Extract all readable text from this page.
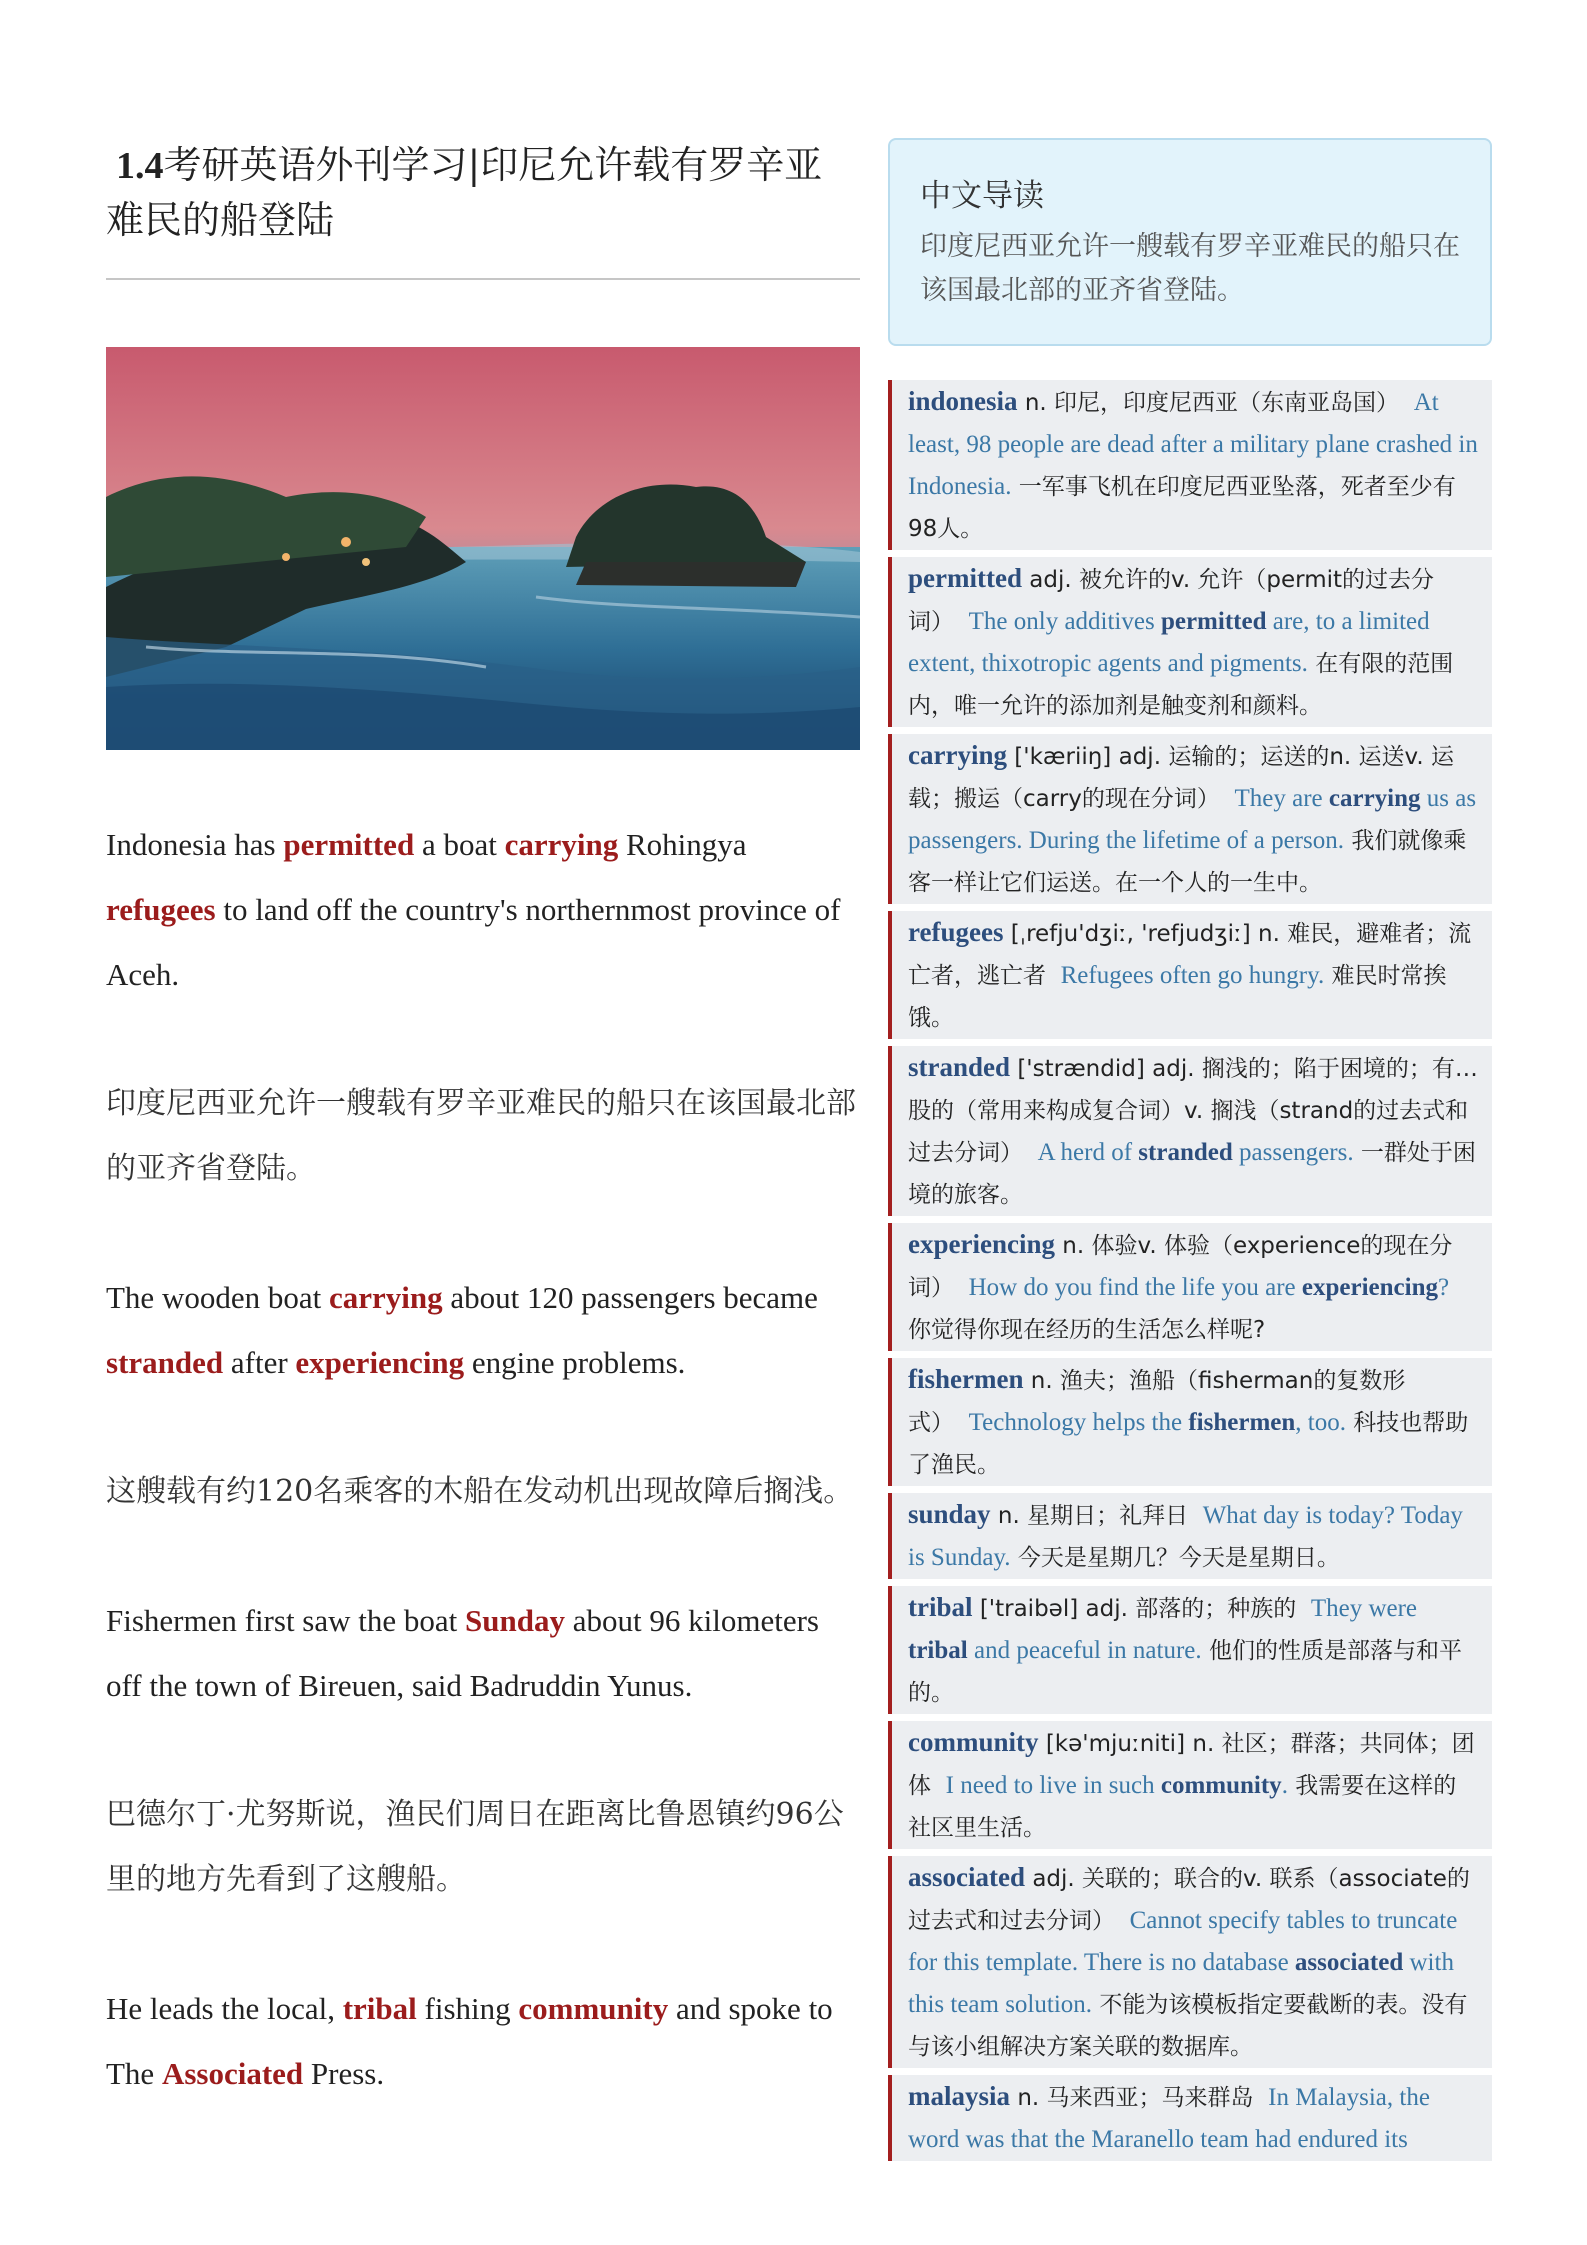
1.4考研英语外刊学习|印尼允许载有罗辛亚难民的船登陆

Indonesia has permitted a boat carrying Rohingya refugees to land off the country's northernmost province of Aceh.

印度尼西亚允许一艘载有罗辛亚难民的船只在该国最北部的亚齐省登陆。

The wooden boat carrying about 120 passengers became stranded after experiencing engine problems.

这艘载有约120名乘客的木船在发动机出现故障后搁浅。

Fishermen first saw the boat Sunday about 96 kilometers off the town of Bireuen, said Badruddin Yunus.

巴德尔丁·尤努斯说，渔民们周日在距离比鲁恩镇约96公里的地方先看到了这艘船。

He leads the local, tribal fishing community and spoke to The Associated Press.

中文导读

印度尼西亚允许一艘载有罗辛亚难民的船只在该国最北部的亚齐省登陆。

indonesia n. 印尼，印度尼西亚（东南亚岛国） At least, 98 people are dead after a military plane crashed in Indonesia. 一军事飞机在印度尼西亚坠落，死者至少有98人。
permitted adj. 被允许的v. 允许（permit的过去分词） The only additives permitted are, to a limited extent, thixotropic agents and pigments. 在有限的范围内，唯一允许的添加剂是触变剂和颜料。
carrying ['kæriiŋ] adj. 运输的；运送的n. 运送v. 运载；搬运（carry的现在分词） They are carrying us as passengers. During the lifetime of a person. 我们就像乘客一样让它们运送。在一个人的一生中。
refugees [ˌrefju'dʒiː, 'refjudʒiː] n. 难民，避难者；流亡者，逃亡者 Refugees often go hungry. 难民时常挨饿。
stranded ['strændid] adj. 搁浅的；陷于困境的；有…股的（常用来构成复合词）v. 搁浅（strand的过去式和过去分词） A herd of stranded passengers. 一群处于困境的旅客。
experiencing n. 体验v. 体验（experience的现在分词） How do you find the life you are experiencing? 你觉得你现在经历的生活怎么样呢?
fishermen n. 渔夫；渔船（fisherman的复数形式） Technology helps the fishermen, too. 科技也帮助了渔民。
sunday n. 星期日；礼拜日 What day is today? Today is Sunday. 今天是星期几？今天是星期日。
tribal ['traibəl] adj. 部落的；种族的 They were tribal and peaceful in nature. 他们的性质是部落与和平的。
community [kə'mjuːniti] n. 社区；群落；共同体；团体 I need to live in such community. 我需要在这样的社区里生活。
associated adj. 关联的；联合的v. 联系（associate的过去式和过去分词） Cannot specify tables to truncate for this template. There is no database associated with this team solution. 不能为该模板指定要截断的表。没有与该小组解决方案关联的数据库。
malaysia n. 马来西亚；马来群岛 In Malaysia, the word was that the Maranello team had endured its
